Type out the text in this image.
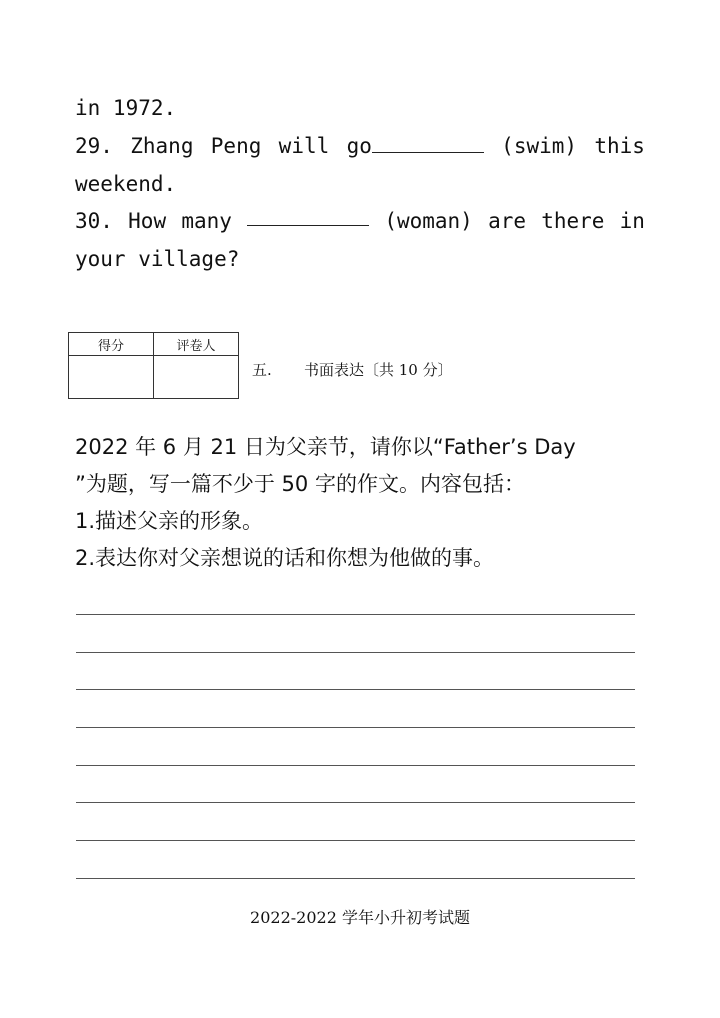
in 1972.
29. Zhang Peng will go	(swim) this
weekend.
30. How many	(woman) are there in
your village?
得分	评卷人

五. 书面表达〔共 10 分〕
2022 年 6 月 21 日为父亲节，请你以“Father’s Day
”为题，写一篇不少于 50 字的作文。内容包括：
1.描述父亲的形象。
2.表达你对父亲想说的话和你想为他做的事。
2022-2022 学年小升初考试题
